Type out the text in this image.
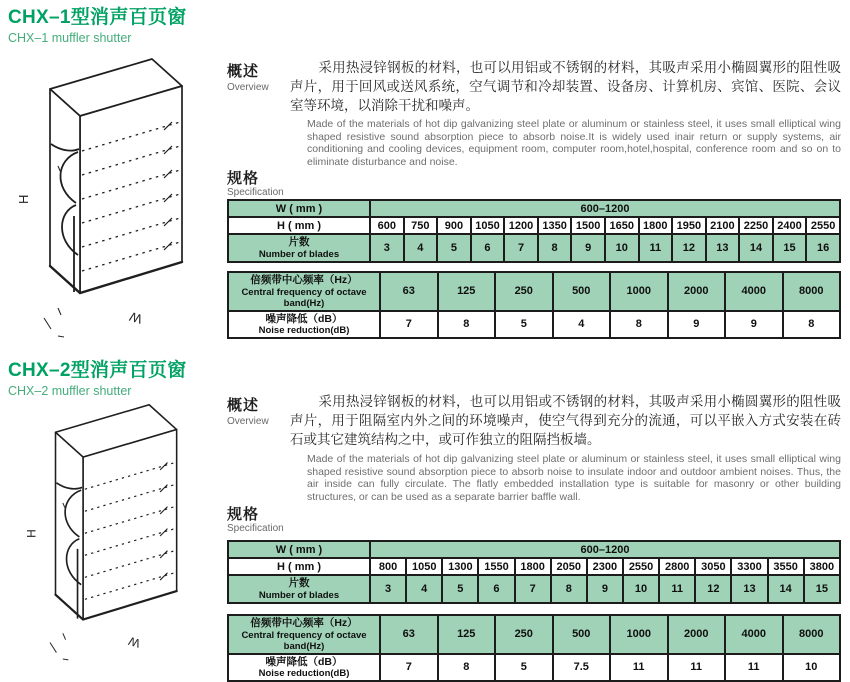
CHX–1型消声百页窗
CHX–1 muffler shutter
H
W
概述
Overview
采用热浸锌钢板的材料，也可以用铝或不锈钢的材料，其吸声采用小椭圆翼形的阻性吸声片，用于回风或送风系统，空气调节和冷却装置、设备房、计算机房、宾馆、医院、会议室等环境，以消除干扰和噪声。
Made of the materials of hot dip galvanizing steel plate or aluminum or stainless steel, it uses small elliptical wing shaped resistive sound absorption piece to absorb noise.It is widely used inair return or supply systems, air conditioning and cooling devices, equipment room, computer room,hotel,hospital, conference room and so on to eliminate disturbance and noise.
规格
Specification
W ( mm )	600–1200													
H ( mm )	600	750	900	1050	1200	1350	1500	1650	1800	1950	2100	2250	2400	2550

片数
Number of blades	3	4	5	6	7	8	9	10	11	12	13	14	15	16
倍频带中心频率（Hz）
Central frequency of octave band(Hz)	63	125	250	500	1000	2000	4000	8000

噪声降低（dB）
Noise reduction(dB)	7	8	5	4	8	9	9	8
CHX–2型消声百页窗
CHX–2 muffler shutter
H
W
概述
Overview
采用热浸锌钢板的材料，也可以用铝或不锈钢的材料，其吸声采用小椭圆翼形的阻性吸声片，用于阻隔室内外之间的环境噪声，使空气得到充分的流通，可以平嵌入方式安装在砖石或其它建筑结构之中，或可作独立的阻隔挡板墙。
Made of the materials of hot dip galvanizing steel plate or aluminum or stainless steel, it uses small elliptical wing shaped resistive sound absorption piece to absorb noise to insulate indoor and outdoor ambient noises. Thus, the air inside can fully circulate. The flatly embedded installation type is suitable for masonry or other building structures, or can be used as a separate barrier baffle wall.
规格
Specification
W ( mm )	600–1200												
H ( mm )	800	1050	1300	1550	1800	2050	2300	2550	2800	3050	3300	3550	3800

片数
Number of blades	3	4	5	6	7	8	9	10	11	12	13	14	15
倍频带中心频率（Hz）
Central frequency of octave band(Hz)	63	125	250	500	1000	2000	4000	8000

噪声降低（dB）
Noise reduction(dB)	7	8	5	7.5	11	11	11	10
